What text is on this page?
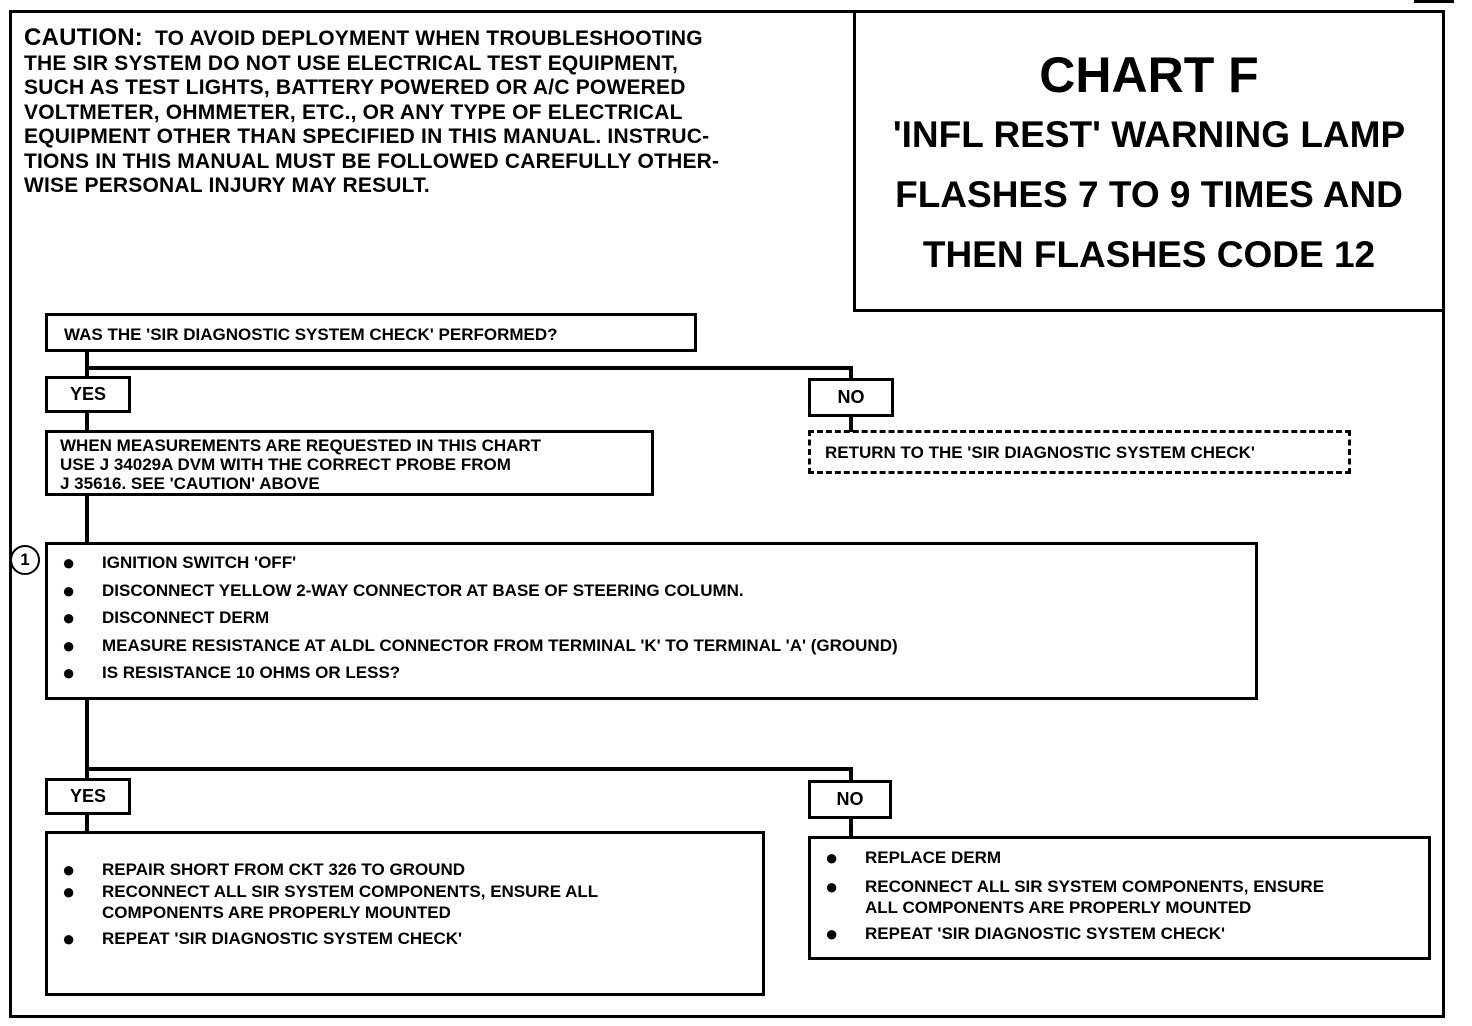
CAUTION: TO AVOID DEPLOYMENT WHEN TROUBLESHOOTING
THE SIR SYSTEM DO NOT USE ELECTRICAL TEST EQUIPMENT,
SUCH AS TEST LIGHTS, BATTERY POWERED OR A/C POWERED
VOLTMETER, OHMMETER, ETC., OR ANY TYPE OF ELECTRICAL
EQUIPMENT OTHER THAN SPECIFIED IN THIS MANUAL. INSTRUC-
TIONS IN THIS MANUAL MUST BE FOLLOWED CAREFULLY OTHER-
WISE PERSONAL INJURY MAY RESULT.
CHART F
'INFL REST' WARNING LAMP
FLASHES 7 TO 9 TIMES AND
THEN FLASHES CODE 12
WAS THE 'SIR DIAGNOSTIC SYSTEM CHECK' PERFORMED?
YES	NO
WHEN MEASUREMENTS ARE REQUESTED IN THIS CHART
USE J 34029A DVM WITH THE CORRECT PROBE FROM
J 35616. SEE 'CAUTION' ABOVE
RETURN TO THE 'SIR DIAGNOSTIC SYSTEM CHECK'
1	● IGNITION SWITCH 'OFF'
● DISCONNECT YELLOW 2-WAY CONNECTOR AT BASE OF STEERING COLUMN.
● DISCONNECT DERM
● MEASURE RESISTANCE AT ALDL CONNECTOR FROM TERMINAL 'K' TO TERMINAL 'A' (GROUND)
● IS RESISTANCE 10 OHMS OR LESS?
YES	NO
● REPAIR SHORT FROM CKT 326 TO GROUND
● RECONNECT ALL SIR SYSTEM COMPONENTS, ENSURE ALL
COMPONENTS ARE PROPERLY MOUNTED
● REPEAT 'SIR DIAGNOSTIC SYSTEM CHECK'
● REPLACE DERM
● RECONNECT ALL SIR SYSTEM COMPONENTS, ENSURE
ALL COMPONENTS ARE PROPERLY MOUNTED
● REPEAT 'SIR DIAGNOSTIC SYSTEM CHECK'
